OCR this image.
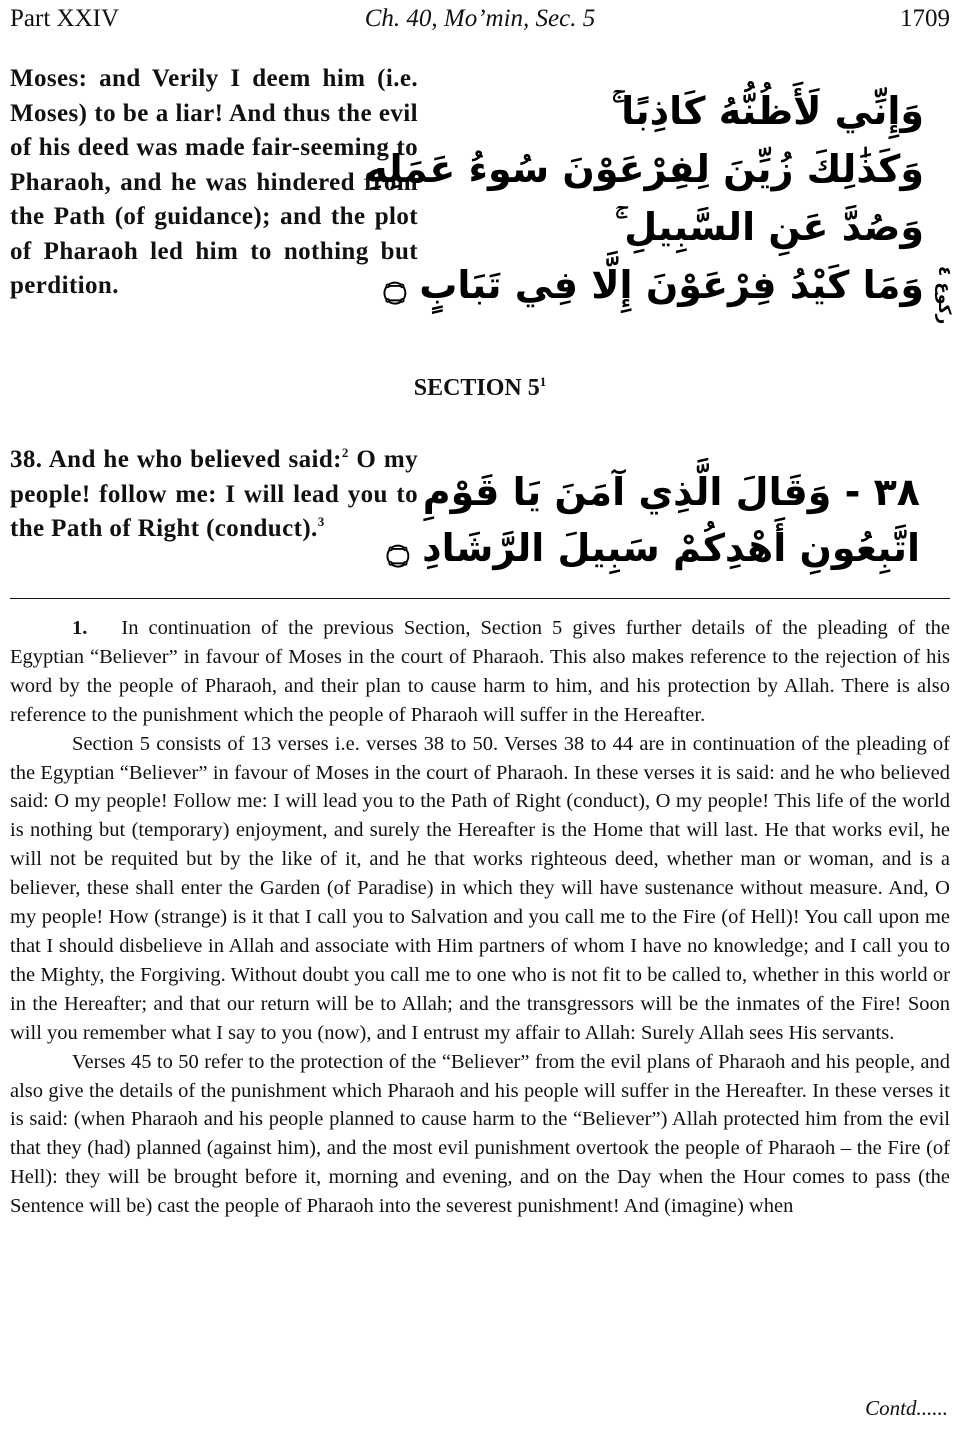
Part XXIV	Ch. 40, Mo’min, Sec. 5	1709
Moses: and Verily I deem him (i.e. Moses) to be a liar! And thus the evil of his deed was made fair-seeming to Pharaoh, and he was hindered from the Path (of guidance); and the plot of Pharaoh led him to nothing but perdition.
وَإِنِّي لَأَظُنُّهُ كَاذِبًا ۚ
وَكَذَٰلِكَ زُيِّنَ لِفِرْعَوْنَ سُوءُ عَمَلِهِ
وَصُدَّ عَنِ السَّبِيلِ ۚ
وَمَا كَيْدُ فِرْعَوْنَ إِلَّا فِي تَبَابٍ ۝ ركوع ٤
SECTION $5^1$
38. And he who believed said:$^2$ O my people! follow me: I will lead you to the Path of Right (conduct).$^3$
٣٨ - وَقَالَ الَّذِي آمَنَ يَا قَوْمِ
اتَّبِعُونِ أَهْدِكُمْ سَبِيلَ الرَّشَادِ ۝

1. In continuation of the previous Section, Section 5 gives further details of the pleading of the Egyptian “Believer” in favour of Moses in the court of Pharaoh. This also makes reference to the rejection of his word by the people of Pharaoh, and their plan to cause harm to him, and his protection by Allah. There is also reference to the punishment which the people of Pharaoh will suffer in the Hereafter.

Section 5 consists of 13 verses i.e. verses 38 to 50. Verses 38 to 44 are in continuation of the pleading of the Egyptian “Believer” in favour of Moses in the court of Pharaoh. In these verses it is said: and he who believed said: O my people! Follow me: I will lead you to the Path of Right (conduct), O my people! This life of the world is nothing but (temporary) enjoyment, and surely the Hereafter is the Home that will last. He that works evil, he will not be requited but by the like of it, and he that works righteous deed, whether man or woman, and is a believer, these shall enter the Garden (of Paradise) in which they will have sustenance without measure. And, O my people! How (strange) is it that I call you to Salvation and you call me to the Fire (of Hell)! You call upon me that I should disbelieve in Allah and associate with Him partners of whom I have no knowledge; and I call you to the Mighty, the Forgiving. Without doubt you call me to one who is not fit to be called to, whether in this world or in the Hereafter; and that our return will be to Allah; and the transgressors will be the inmates of the Fire! Soon will you remember what I say to you (now), and I entrust my affair to Allah: Surely Allah sees His servants.

Verses 45 to 50 refer to the protection of the “Believer” from the evil plans of Pharaoh and his people, and also give the details of the punishment which Pharaoh and his people will suffer in the Hereafter. In these verses it is said: (when Pharaoh and his people planned to cause harm to the “Believer”) Allah protected him from the evil that they (had) planned (against him), and the most evil punishment overtook the people of Pharaoh – the Fire (of Hell): they will be brought before it, morning and evening, and on the Day when the Hour comes to pass (the Sentence will be) cast the people of Pharaoh into the severest punishment! And (imagine) when

Contd......
